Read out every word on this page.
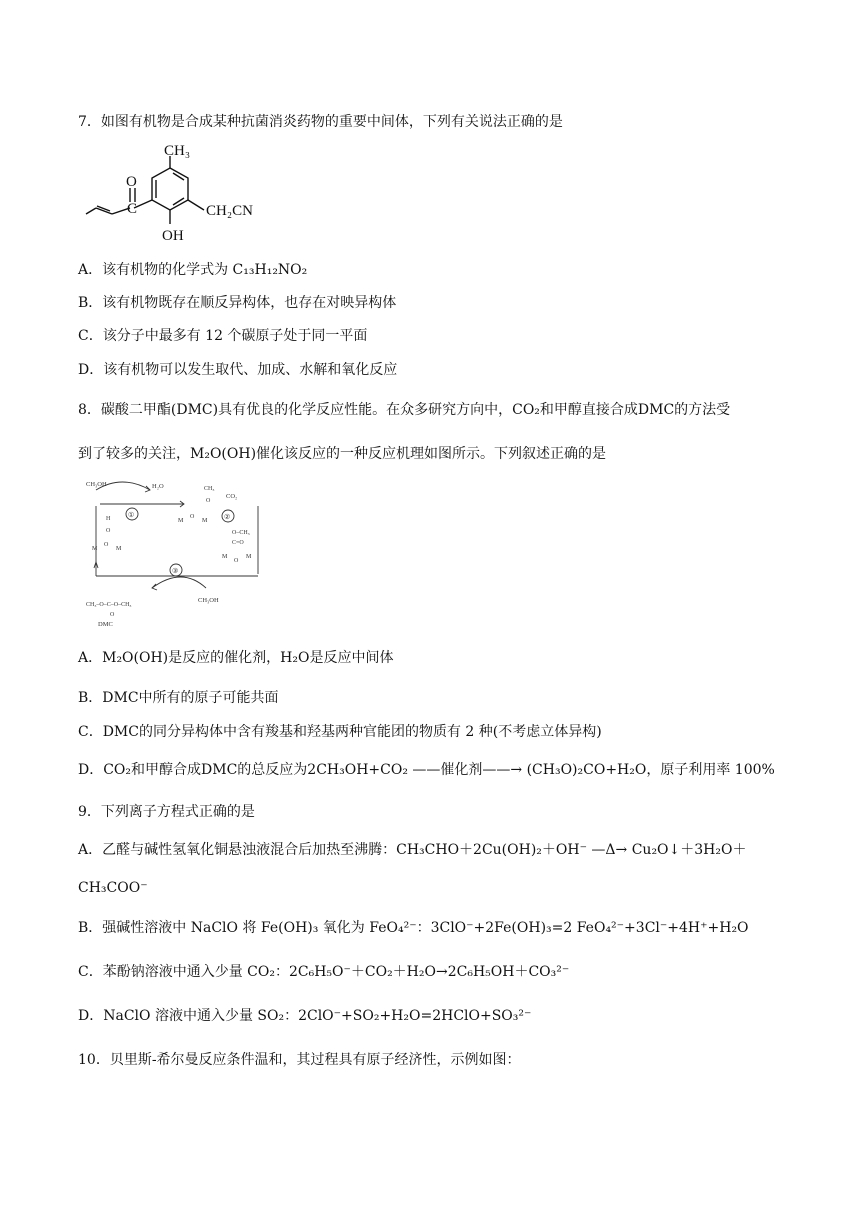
7．如图有机物是合成某种抗菌消炎药物的重要中间体，下列有关说法正确的是
CH₃
O
C	CH₂CN
OH
A．该有机物的化学式为 C₁₃H₁₂NO₂
B．该有机物既存在顺反异构体，也存在对映异构体
C．该分子中最多有 12 个碳原子处于同一平面
D．该有机物可以发生取代、加成、水解和氧化反应
8．碳酸二甲酯(DMC)具有优良的化学反应性能。在众多研究方向中，CO₂和甲醇直接合成DMC的方法受
到了较多的关注，M₂O(OH)催化该反应的一种反应机理如图所示。下列叙述正确的是
CH₃OH	H₂O
①	②
③
CO₂
CH₃OH
DMC
M
O
M
M
O
M
H
O
M
O
M
O–CH₃
C=O
CH₃–O–C–O–CH₃
O
CH₃
O
A．M₂O(OH)是反应的催化剂，H₂O是反应中间体
B．DMC中所有的原子可能共面
C．DMC的同分异构体中含有羧基和羟基两种官能团的物质有 2 种(不考虑立体异构)
D．CO₂和甲醇合成DMC的总反应为2CH₃OH+CO₂ ——催化剂——→ (CH₃O)₂CO+H₂O，原子利用率 100%
9．下列离子方程式正确的是
A．乙醛与碱性氢氧化铜悬浊液混合后加热至沸腾：CH₃CHO＋2Cu(OH)₂＋OH⁻ —Δ→ Cu₂O↓＋3H₂O＋
CH₃COO⁻
B．强碱性溶液中 NaClO 将 Fe(OH)₃ 氧化为 FeO₄²⁻：3ClO⁻+2Fe(OH)₃=2 FeO₄²⁻+3Cl⁻+4H⁺+H₂O
C．苯酚钠溶液中通入少量 CO₂：2C₆H₅O⁻＋CO₂＋H₂O→2C₆H₅OH＋CO₃²⁻
D．NaClO 溶液中通入少量 SO₂：2ClO⁻+SO₂+H₂O=2HClO+SO₃²⁻
10．贝里斯-希尔曼反应条件温和，其过程具有原子经济性，示例如图：
